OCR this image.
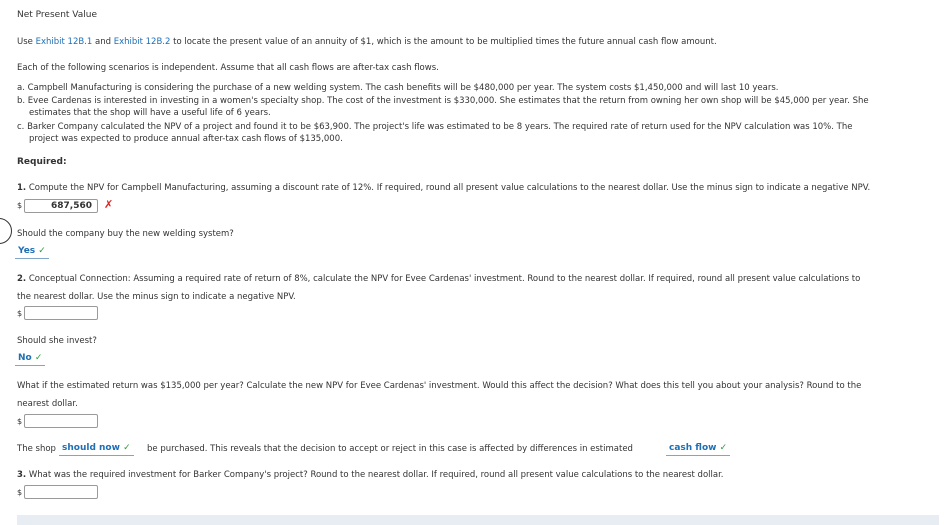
Net Present Value
Use Exhibit 12B.1 and Exhibit 12B.2 to locate the present value of an annuity of $1, which is the amount to be multiplied times the future annual cash flow amount.
Each of the following scenarios is independent. Assume that all cash flows are after-tax cash flows.
a. Campbell Manufacturing is considering the purchase of a new welding system. The cash benefits will be $480,000 per year. The system costs $1,450,000 and will last 10 years.
b. Evee Cardenas is interested in investing in a women's specialty shop. The cost of the investment is $330,000. She estimates that the return from owning her own shop will be $45,000 per year. She
estimates that the shop will have a useful life of 6 years.
c. Barker Company calculated the NPV of a project and found it to be $63,900. The project's life was estimated to be 8 years. The required rate of return used for the NPV calculation was 10%. The
project was expected to produce annual after-tax cash flows of $135,000.
Required:
1. Compute the NPV for Campbell Manufacturing, assuming a discount rate of 12%. If required, round all present value calculations to the nearest dollar. Use the minus sign to indicate a negative NPV.
$	687,560	✗
Should the company buy the new welding system?
Yes ✓
2. Conceptual Connection: Assuming a required rate of return of 8%, calculate the NPV for Evee Cardenas' investment. Round to the nearest dollar. If required, round all present value calculations to
the nearest dollar. Use the minus sign to indicate a negative NPV.
$
Should she invest?
No ✓
What if the estimated return was $135,000 per year? Calculate the new NPV for Evee Cardenas' investment. Would this affect the decision? What does this tell you about your analysis? Round to the
nearest dollar.
$
The shop should now ✓	be purchased. This reveals that the decision to accept or reject in this case is affected by differences in estimated	cash flow ✓
3. What was the required investment for Barker Company's project? Round to the nearest dollar. If required, round all present value calculations to the nearest dollar.
$
